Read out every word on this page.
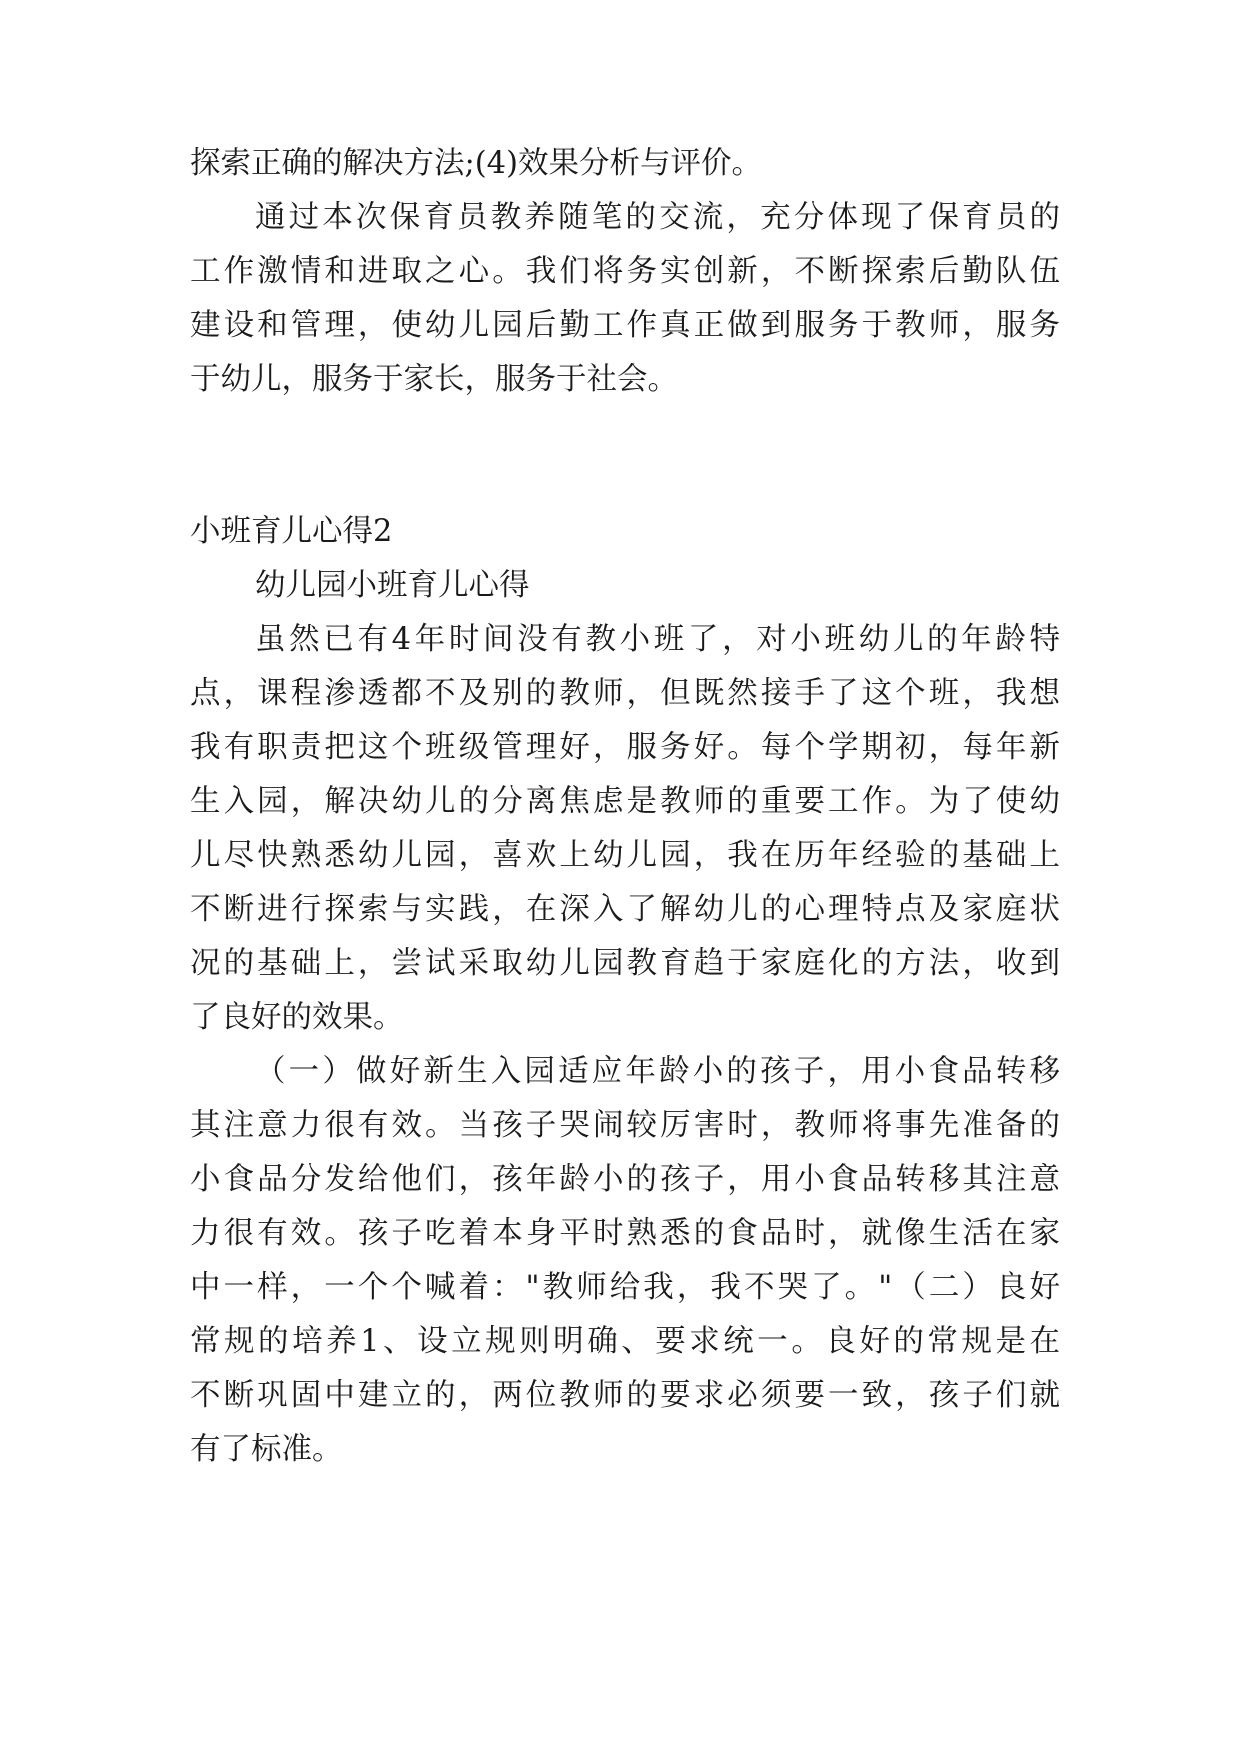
探索正确的解决方法;(4)效果分析与评价。

通过本次保育员教养随笔的交流，充分体现了保育员的

工作激情和进取之心。我们将务实创新，不断探索后勤队伍

建设和管理，使幼儿园后勤工作真正做到服务于教师，服务

于幼儿，服务于家长，服务于社会。

小班育儿心得2

幼儿园小班育儿心得

虽然已有4年时间没有教小班了，对小班幼儿的年龄特

点，课程渗透都不及别的教师，但既然接手了这个班，我想

我有职责把这个班级管理好，服务好。每个学期初，每年新

生入园，解决幼儿的分离焦虑是教师的重要工作。为了使幼

儿尽快熟悉幼儿园，喜欢上幼儿园，我在历年经验的基础上

不断进行探索与实践，在深入了解幼儿的心理特点及家庭状

况的基础上，尝试采取幼儿园教育趋于家庭化的方法，收到

了良好的效果。

（一）做好新生入园适应年龄小的孩子，用小食品转移

其注意力很有效。当孩子哭闹较厉害时，教师将事先准备的

小食品分发给他们，孩年龄小的孩子，用小食品转移其注意

力很有效。孩子吃着本身平时熟悉的食品时，就像生活在家

中一样，一个个喊着："教师给我，我不哭了。"（二）良好

常规的培养1、设立规则明确、要求统一。良好的常规是在

不断巩固中建立的，两位教师的要求必须要一致，孩子们就

有了标准。
